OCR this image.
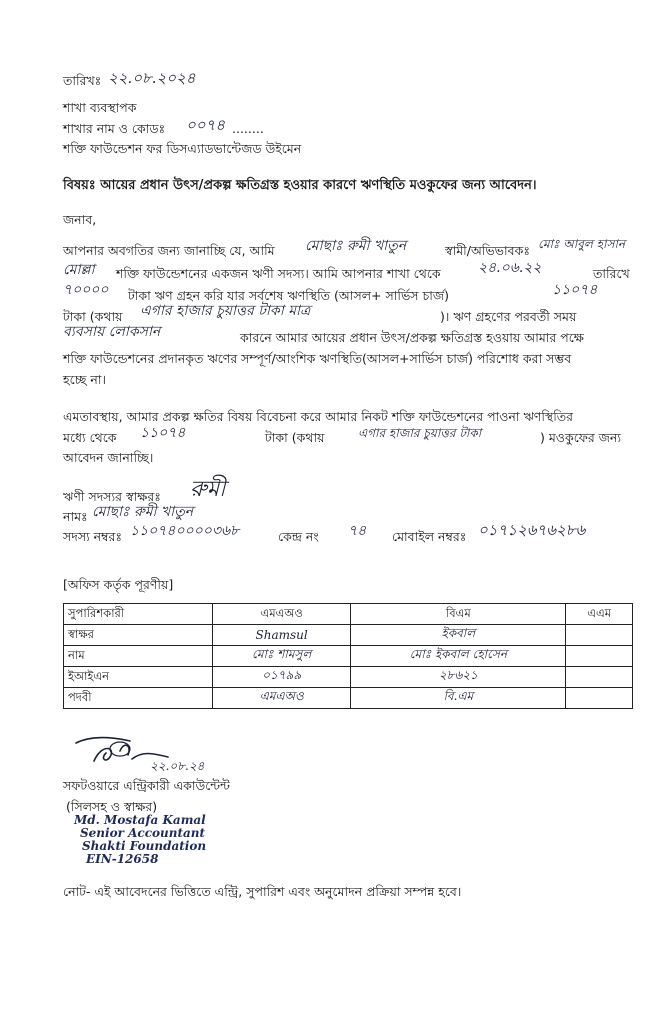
তারিখঃ ২২.০৮.২০২৪
শাখা ব্যবস্থাপক
শাখার নাম ও কোডঃ ০০৭৪ ........
শক্তি ফাউন্ডেশন ফর ডিসএ্যাডভান্টেজড উইমেন
বিষয়ঃ আয়ের প্রধান উৎস/প্রকল্প ক্ষতিগ্রস্ত হওয়ার কারণে ঋণস্থিতি মওকুফের জন্য আবেদন।
জনাব,
আপনার অবগতির জন্য জানাচ্ছি যে, আমি মোছাঃ রুমী খাতুন	স্বামী/অভিভাবকঃ মোঃ আবুল হাসান
মোল্লা শক্তি ফাউন্ডেশনের একজন ঋণী সদস্য। আমি আপনার শাখা থেকে	২৪.০৬.২২	তারিখে
৭০০০০ টাকা ঋণ গ্রহন করি যার সর্বশেষ ঋণস্থিতি (আসল+ সার্ভিস চার্জ)	১১০৭৪
টাকা (কথায় এগার হাজার চুয়াত্তর টাকা মাত্র	)। ঋণ গ্রহণের পরবর্তী সময়
ব্যবসায় লোকসান	কারনে আমার আয়ের প্রধান উৎস/প্রকল্প ক্ষতিগ্রস্ত হওয়ায় আমার পক্ষে
শক্তি ফাউন্ডেশনের প্রদানকৃত ঋণের সম্পূর্ণ/আংশিক ঋণস্থিতি(আসল+সার্ভিস চার্জ) পরিশোধ করা সম্ভব
হচ্ছে না।
এমতাবস্থায়, আমার প্রকল্প ক্ষতির বিষয় বিবেচনা করে আমার নিকট শক্তি ফাউন্ডেশনের পাওনা ঋণস্থিতির
মধ্যে থেকে ১১০৭৪	টাকা (কথায়	এগার হাজার চুয়াত্তর টাকা	) মওকুফের জন্য
আবেদন জানাচ্ছি।
ঋণী সদস্যর স্বাক্ষরঃ রুমী
নামঃ মোছাঃ রুমী খাতুন
সদস্য নম্বরঃ ১১০৭৪০০০০৩৬৮	কেন্দ্র নং ৭৪ মোবাইল নম্বরঃ ০১৭১২৬৭৬২৮৬
[অফিস কর্তৃক পূরণীয়]
সুপারিশকারী	এমএঅও	বিএম	এএম
স্বাক্ষর	Shamsul	ইকবাল	
নাম	মোঃ শামসুল	মোঃ ইকবাল হোসেন	
ইআইএন	০১৭৯৯	২৮৬২১	
পদবী	এমএঅও	বি.এম	
২২.০৮.২৪
সফটওয়ারে এন্ট্রিকারী একাউন্টেন্ট
(সিলসহ ও স্বাক্ষর)
Md. Mostafa Kamal
Senior Accountant
Shakti Foundation
EIN-12658
নোট- এই আবেদনের ভিত্তিতে এন্ট্রি, সুপারিশ এবং অনুমোদন প্রক্রিয়া সম্পন্ন হবে।
